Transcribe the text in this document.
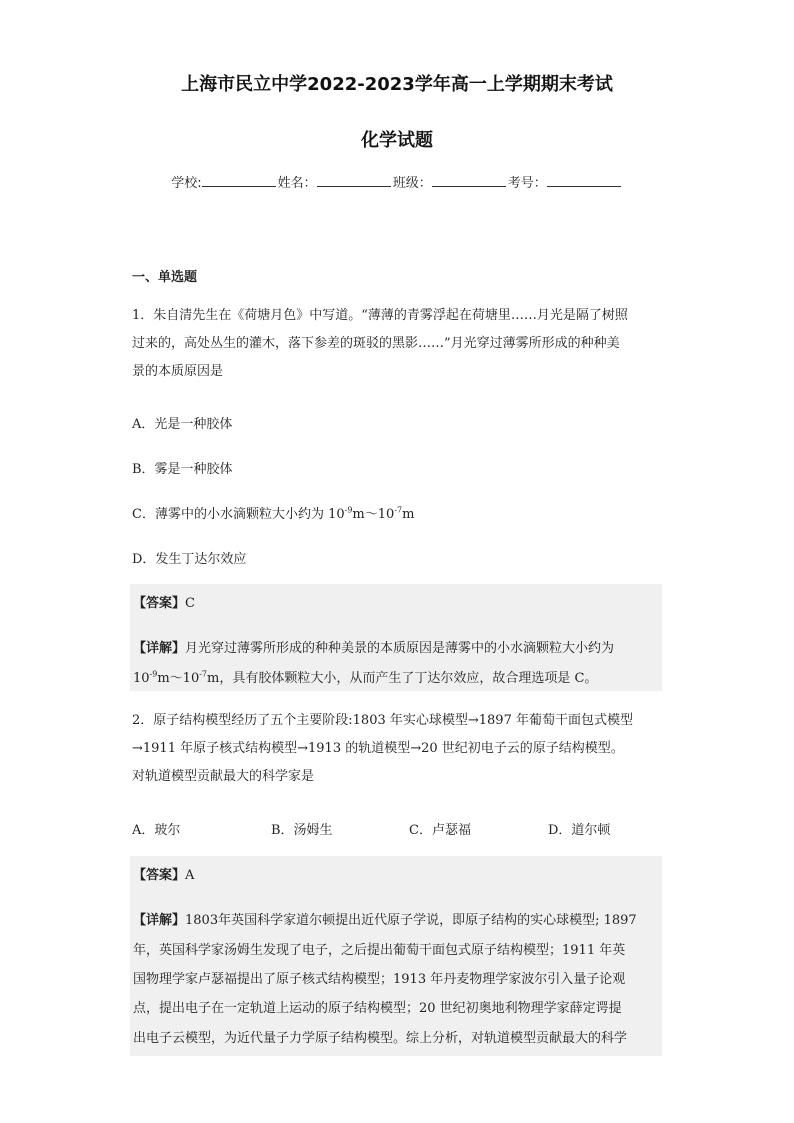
上海市民立中学2022-2023学年高一上学期期末考试
化学试题
学校:	姓名：	班级：	考号：
一、单选题
1．朱自清先生在《荷塘月色》中写道。“薄薄的青雾浮起在荷塘里……月光是隔了树照
过来的，高处丛生的灌木，落下参差的斑驳的黑影……”月光穿过薄雾所形成的种种美
景的本质原因是
A．光是一种胶体
B．雾是一种胶体
C．薄雾中的小水滴颗粒大小约为 $10^{-9}m\sim 10^{-7}m$
D．发生丁达尔效应
【答案】C
【详解】月光穿过薄雾所形成的种种美景的本质原因是薄雾中的小水滴颗粒大小约为
$10^{-9}m\sim 10^{-7}m$，具有胶体颗粒大小，从而产生了丁达尔效应，故合理选项是 C。
2．原子结构模型经历了五个主要阶段:1803 年实心球模型→1897 年葡萄干面包式模型
→1911 年原子核式结构模型→1913 的轨道模型→20 世纪初电子云的原子结构模型。
对轨道模型贡献最大的科学家是
A．玻尔	B．汤姆生	C．卢瑟福	D．道尔顿
【答案】A
【详解】1803年英国科学家道尔顿提出近代原子学说，即原子结构的实心球模型; 1897
年，英国科学家汤姆生发现了电子，之后提出葡萄干面包式原子结构模型；1911 年英
国物理学家卢瑟福提出了原子核式结构模型；1913 年丹麦物理学家波尔引入量子论观
点，提出电子在一定轨道上运动的原子结构模型；20 世纪初奥地利物理学家薛定谔提
出电子云模型，为近代量子力学原子结构模型。综上分析，对轨道模型贡献最大的科学
